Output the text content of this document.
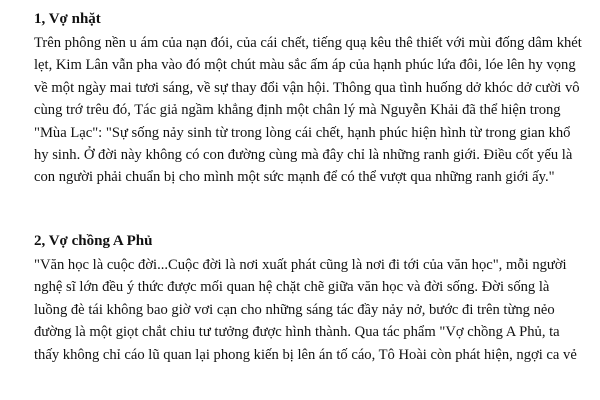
1, Vợ nhặt

Trên phông nền u ám của nạn đói, của cái chết, tiếng quạ kêu thê thiết với mùi đống dâm khét

lẹt, Kim Lân vẫn pha vào đó một chút màu sắc ấm áp của hạnh phúc lứa đôi, lóe lên hy vọng

về một ngày mai tươi sáng, về sự thay đổi vận hội. Thông qua tình huống dở khóc dở cười vô

cùng trớ trêu đó, Tác giả ngầm khẳng định một chân lý mà Nguyễn Khải đã thể hiện trong

"Mùa Lạc": "Sự sống nảy sinh từ trong lòng cái chết, hạnh phúc hiện hình từ trong gian khổ

hy sinh. Ở đời này không có con đường cùng mà đây chỉ là những ranh giới. Điều cốt yếu là

con người phải chuẩn bị cho mình một sức mạnh để có thể vượt qua những ranh giới ấy."

2, Vợ chồng A Phủ

"Văn học là cuộc đời...Cuộc đời là nơi xuất phát cũng là nơi đi tới của văn học", mỗi người

nghệ sĩ lớn đều ý thức được mối quan hệ chặt chẽ giữa văn học và đời sống. Đời sống là

luồng đè tái không bao giờ vơi cạn cho những sáng tác đầy nảy nở, bước đi trên từng nẻo

đường là một giọt chắt chiu tư tưởng được hình thành. Qua tác phẩm "Vợ chồng A Phủ, ta

thấy không chỉ cáo lũ quan lại phong kiến bị lên án tố cáo, Tô Hoài còn phát hiện, ngợi ca vẻ
